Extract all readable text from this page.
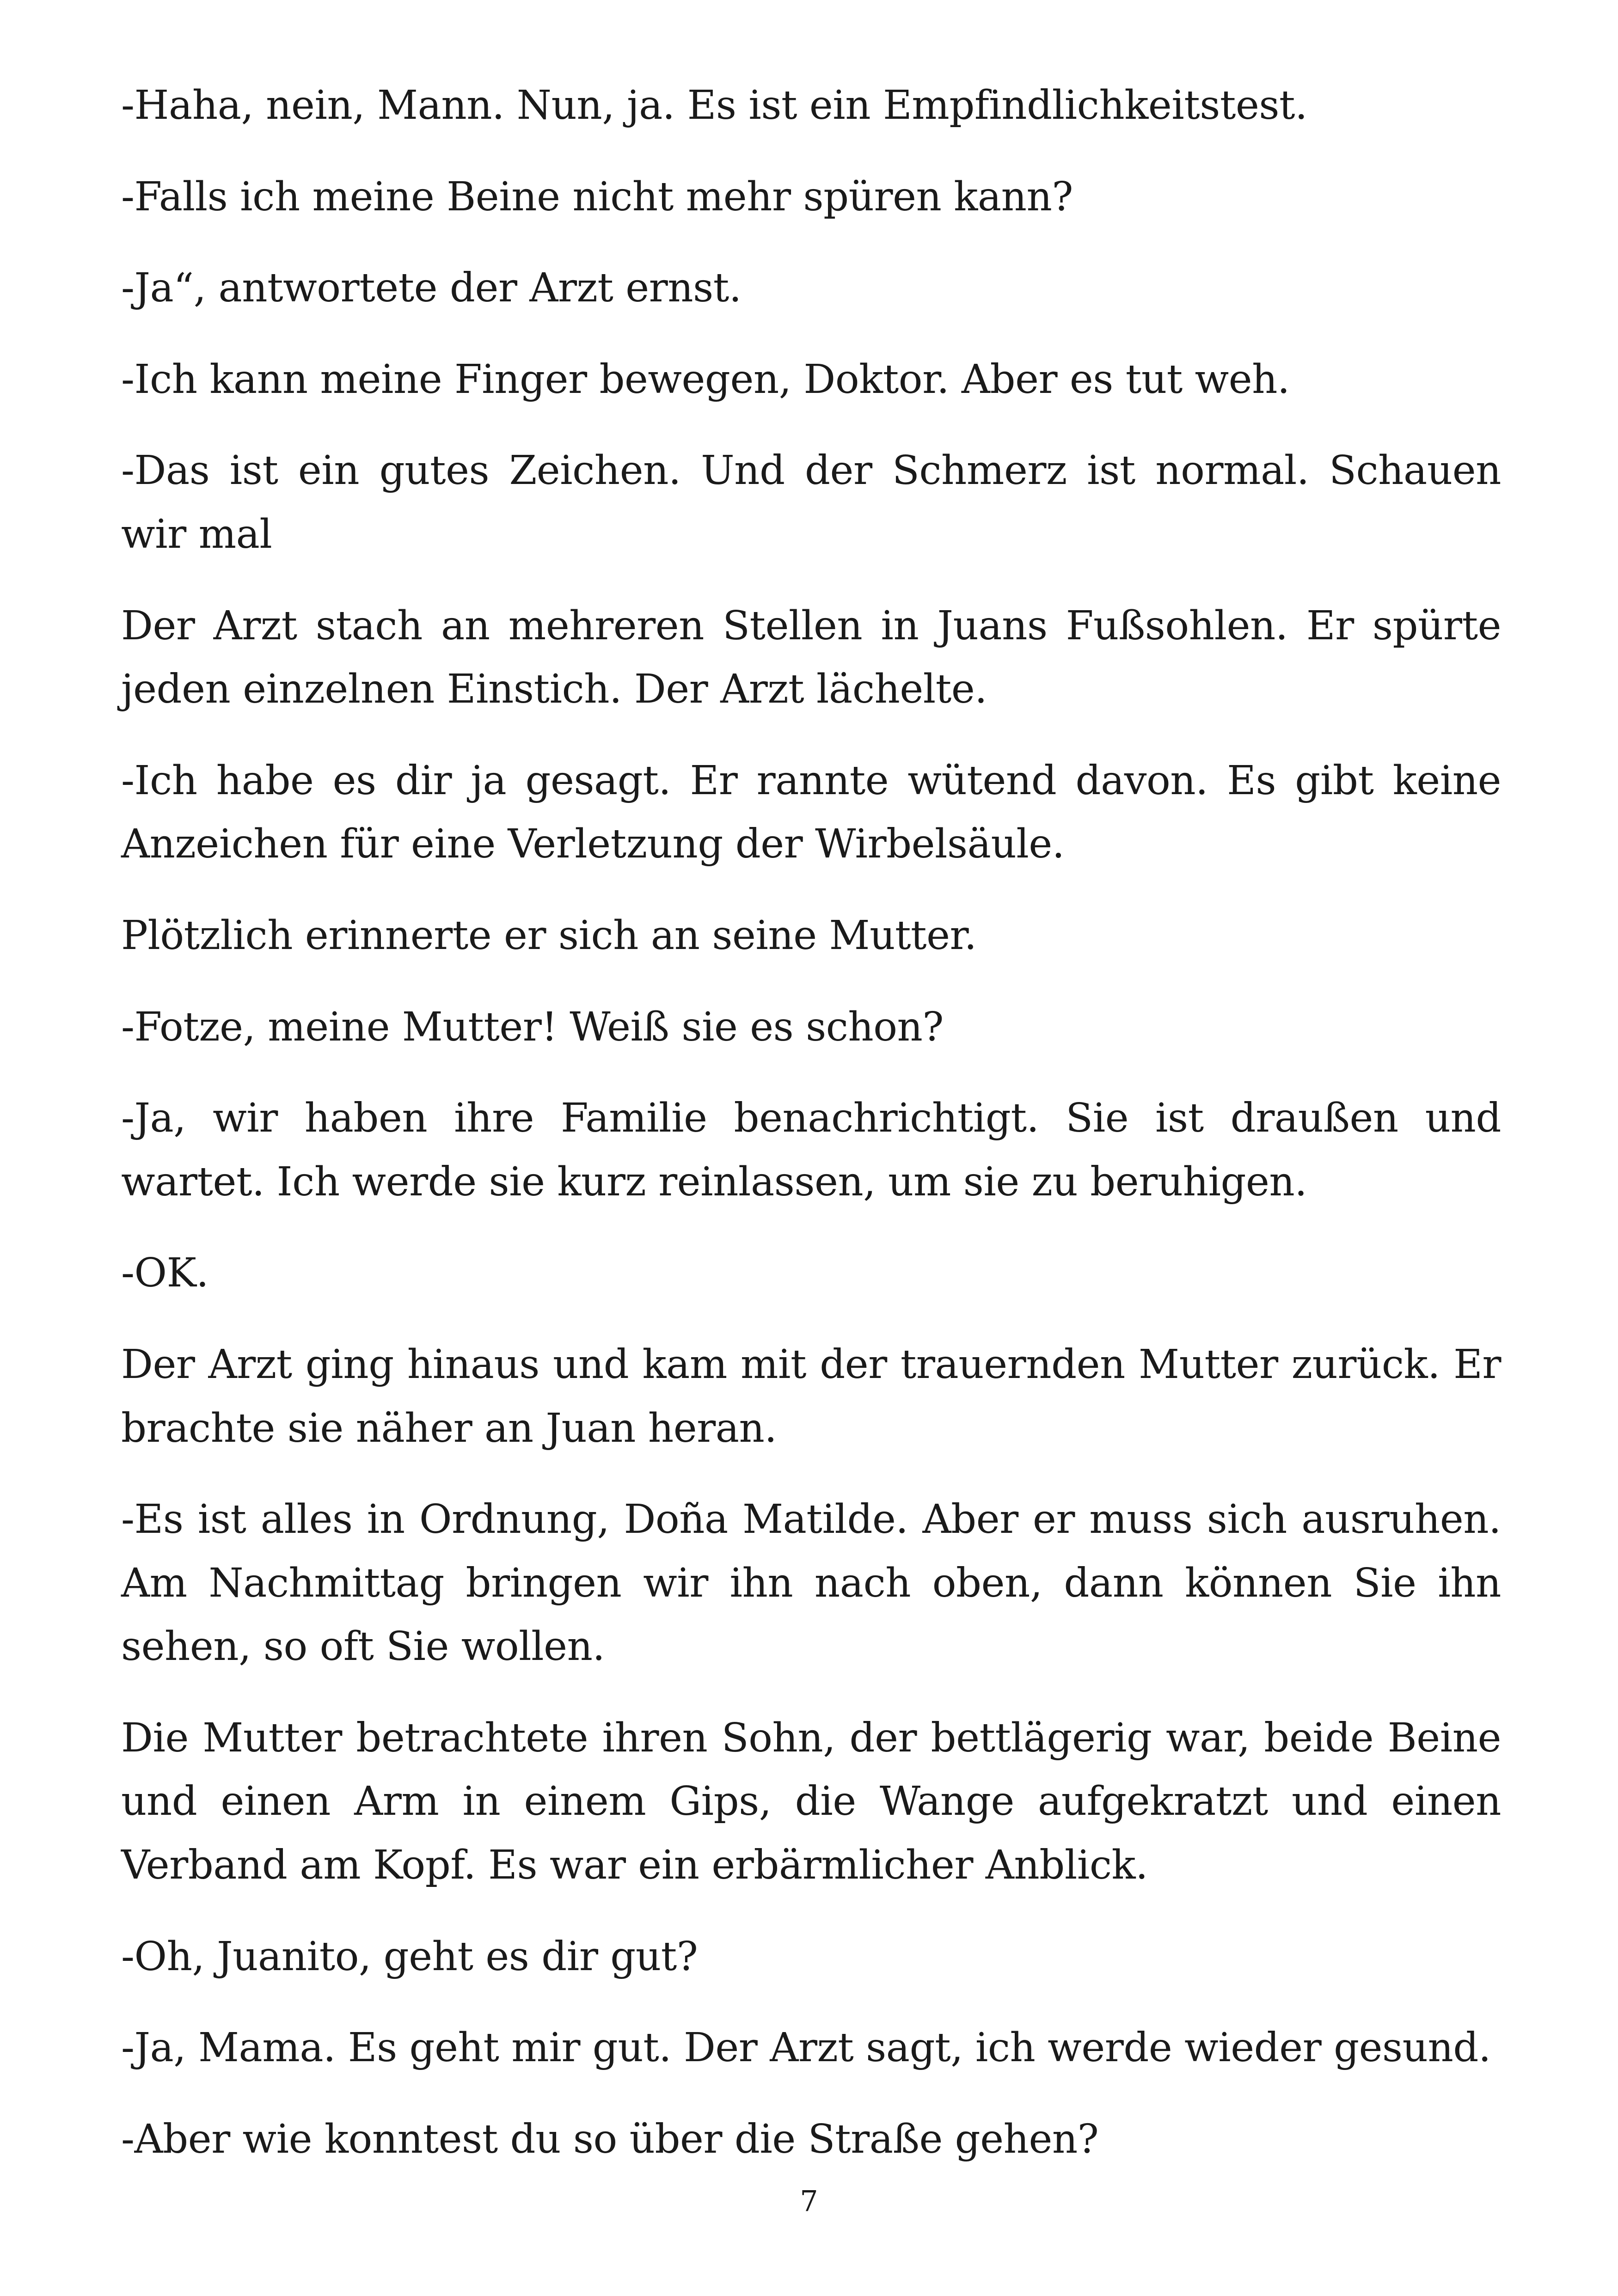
-Haha, nein, Mann. Nun, ja. Es ist ein Empfindlichkeitstest.

-Falls ich meine Beine nicht mehr spüren kann?

-Ja“, antwortete der Arzt ernst.

-Ich kann meine Finger bewegen, Doktor. Aber es tut weh.

-Das ist ein gutes Zeichen. Und der Schmerz ist normal. Schauen wir mal

Der Arzt stach an mehreren Stellen in Juans Fußsohlen. Er spürte jeden einzelnen Einstich. Der Arzt lächelte.

-Ich habe es dir ja gesagt. Er rannte wütend davon. Es gibt keine Anzeichen für eine Verletzung der Wirbelsäule.

Plötzlich erinnerte er sich an seine Mutter.

-Fotze, meine Mutter! Weiß sie es schon?

-Ja, wir haben ihre Familie benachrichtigt. Sie ist draußen und wartet. Ich werde sie kurz reinlassen, um sie zu beruhigen.

-OK.

Der Arzt ging hinaus und kam mit der trauernden Mutter zurück. Er brachte sie näher an Juan heran.

-Es ist alles in Ordnung, Doña Matilde. Aber er muss sich ausruhen. Am Nachmittag bringen wir ihn nach oben, dann können Sie ihn sehen, so oft Sie wollen.

Die Mutter betrachtete ihren Sohn, der bettlägerig war, beide Beine und einen Arm in einem Gips, die Wange aufgekratzt und einen Verband am Kopf. Es war ein erbärmlicher Anblick.

-Oh, Juanito, geht es dir gut?

-Ja, Mama. Es geht mir gut. Der Arzt sagt, ich werde wieder gesund.

-Aber wie konntest du so über die Straße gehen?

7
